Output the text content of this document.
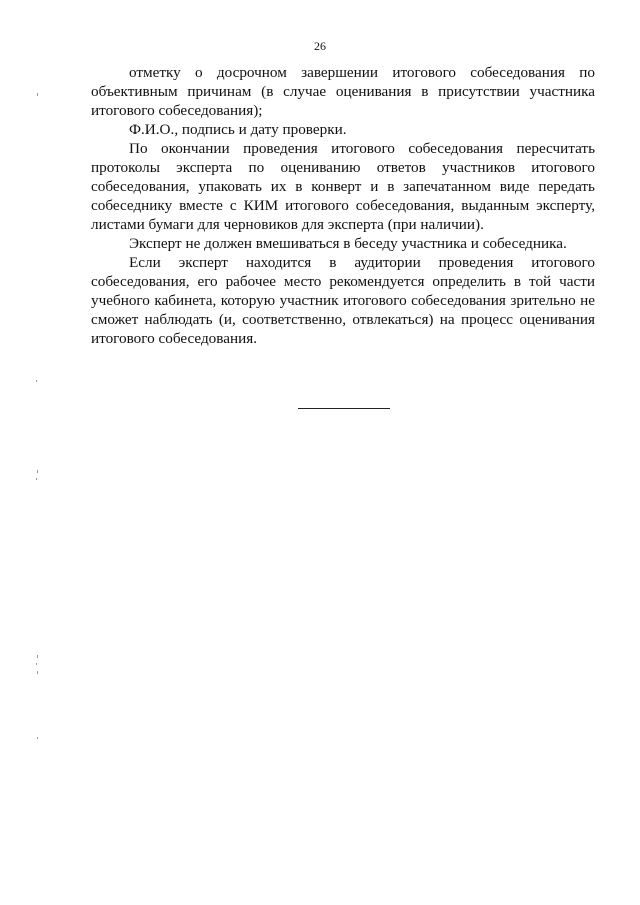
26

отметку о досрочном завершении итогового собеседования по объективным причинам (в случае оценивания в присутствии участника итогового собеседования);

Ф.И.О., подпись и дату проверки.

По окончании проведения итогового собеседования пересчитать протоколы эксперта по оцениванию ответов участников итогового собеседования, упаковать их в конверт и в запечатанном виде передать собеседнику вместе с КИМ итогового собеседования, выданным эксперту, листами бумаги для черновиков для эксперта (при наличии).

Эксперт не должен вмешиваться в беседу участника и собеседника.

Если эксперт находится в аудитории проведения итогового собеседования, его рабочее место рекомендуется определить в той части учебного кабинета, которую участник итогового собеседования зрительно не сможет наблюдать (и, соответственно, отвлекаться) на процесс оценивания итогового собеседования.
